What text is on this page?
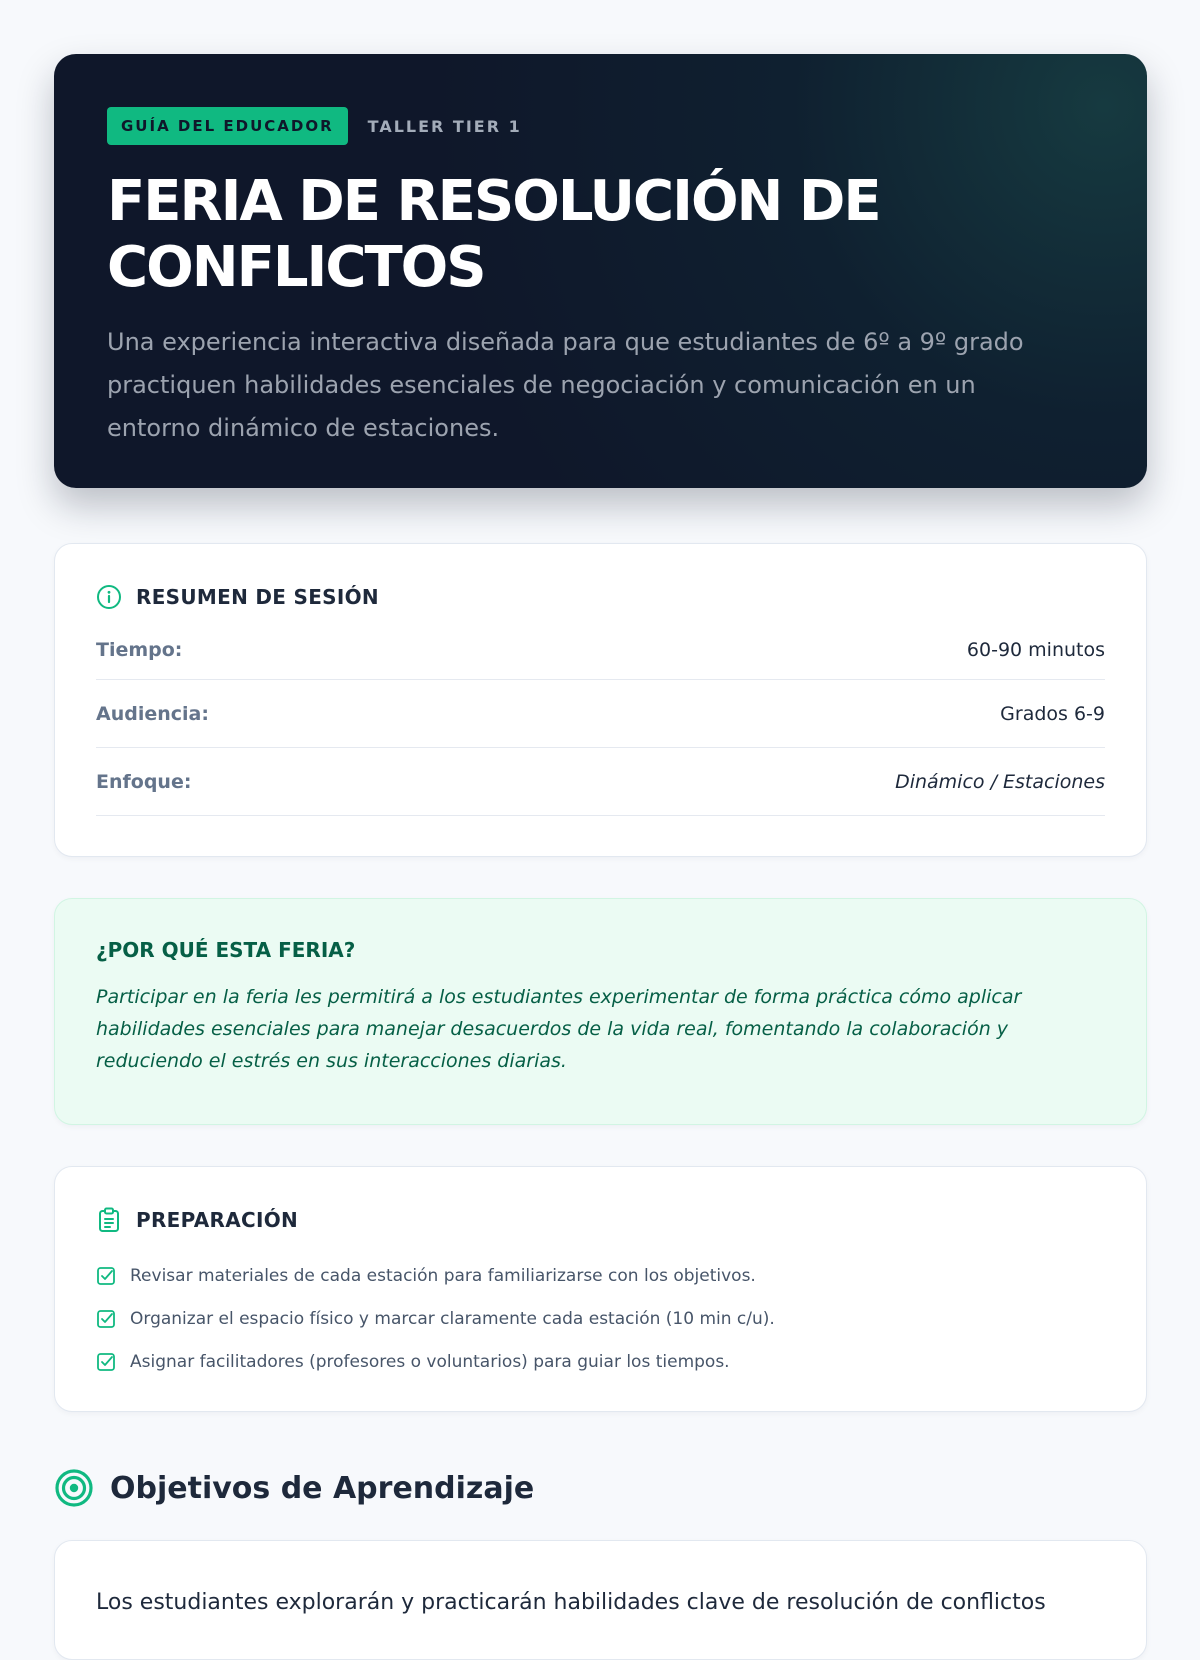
GUÍA DEL EDUCADOR	TALLER TIER 1
FERIA DE RESOLUCIÓN DE CONFLICTOS

Una experiencia interactiva diseñada para que estudiantes de 6º a 9º grado practiquen habilidades esenciales de negociación y comunicación en un entorno dinámico de estaciones.

RESUMEN DE SESIÓN
Tiempo:	60-90 minutos
Audiencia:	Grados 6-9
Enfoque:	Dinámico / Estaciones
¿POR QUÉ ESTA FERIA?

Participar en la feria les permitirá a los estudiantes experimentar de forma práctica cómo aplicar habilidades esenciales para manejar desacuerdos de la vida real, fomentando la colaboración y reduciendo el estrés en sus interacciones diarias.

PREPARACIÓN
Revisar materiales de cada estación para familiarizarse con los objetivos.
Organizar el espacio físico y marcar claramente cada estación (10 min c/u).
Asignar facilitadores (profesores o voluntarios) para guiar los tiempos.
Objetivos de Aprendizaje
Los estudiantes explorarán y practicarán habilidades clave de resolución de conflictos
